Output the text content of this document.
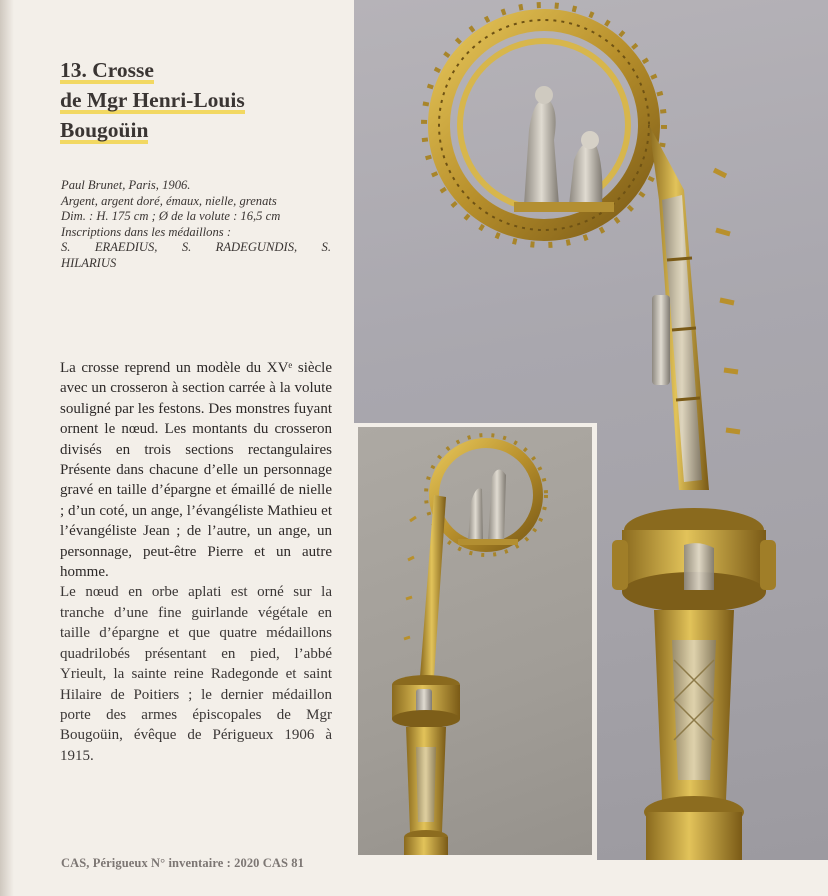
13. Crosse
de Mgr Henri-Louis
Bougoüin
Paul Brunet, Paris, 1906.
Argent, argent doré, émaux, nielle, grenats
Dim. : H. 175 cm ; Ø de la volute : 16,5 cm
Inscriptions dans les médaillons :
S. ERAEDIUS, S. RADEGUNDIS, S.
HILARIUS

La crosse reprend un modèle du XVᵉ siècle avec un crosseron à section carrée à la volute souligné par les festons. Des monstres fuyant ornent le nœud. Les montants du crosseron divisés en trois sections rectangulaires Présente dans chacune d’elle un personnage gravé en taille d’épargne et émaillé de nielle ; d’un coté, un ange, l’évangéliste Mathieu et l’évangéliste Jean ; de l’autre, un ange, un personnage, peut-être Pierre et un autre homme.

Le nœud en orbe aplati est orné sur la tranche d’une fine guirlande végétale en taille d’épargne et que quatre médaillons quadrilobés présentant en pied, l’abbé Yrieult, la sainte reine Radegonde et saint Hilaire de Poitiers ; le dernier médaillon porte des armes épiscopales de Mgr Bougoüin, évêque de Périgueux 1906 à 1915.

CAS, Périgueux N° inventaire : 2020 CAS 81
